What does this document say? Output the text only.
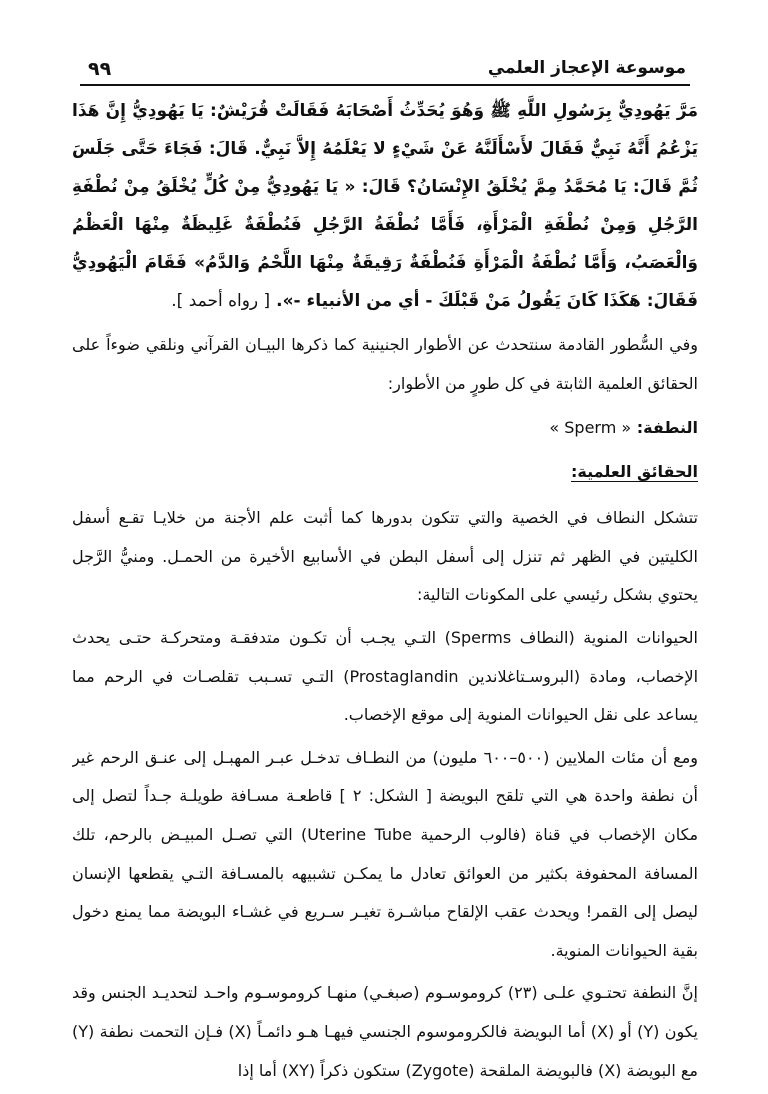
٩٩	موسوعة الإعجاز العلمي

مَرَّ يَهُودِيٌّ بِرَسُولِ اللَّهِ ﷺ وَهُوَ يُحَدِّثُ أَصْحَابَهُ فَقَالَتْ قُرَيْشٌ: يَا يَهُودِيُّ إِنَّ هَذَا يَزْعُمُ أَنَّهُ نَبِيٌّ فَقَالَ لأَسْأَلَنَّهُ عَنْ شَيْءٍ لا يَعْلَمُهُ إِلاَّ نَبِيٌّ. قَالَ: فَجَاءَ حَتَّى جَلَسَ ثُمَّ قَالَ: يَا مُحَمَّدُ مِمَّ يُخْلَقُ الإِنْسَانُ؟ قَالَ: « يَا يَهُودِيُّ مِنْ كُلٍّ يُخْلَقُ مِنْ نُطْفَةِ الرَّجُلِ وَمِنْ نُطْفَةِ الْمَرْأَةِ، فَأَمَّا نُطْفَةُ الرَّجُلِ فَنُطْفَةٌ غَلِيظَةٌ مِنْهَا الْعَظْمُ وَالْعَصَبُ، وَأَمَّا نُطْفَةُ الْمَرْأَةِ فَنُطْفَةٌ رَقِيقَةٌ مِنْهَا اللَّحْمُ وَالدَّمُ» فَقَامَ الْيَهُودِيُّ فَقَالَ: هَكَذَا كَانَ يَقُولُ مَنْ قَبْلَكَ - أي من الأنبياء -». [ رواه أحمد ].

وفي السُّطور القادمة سنتحدث عن الأطوار الجنينية كما ذكرها البيـان القرآني ونلقي ضوءاً على الحقائق العلمية الثابتة في كل طورٍ من الأطوار:

النطفة: « Sperm »

الحقائق العلمية:

تتشكل النطاف في الخصية والتي تتكون بدورها كما أثبت علم الأجنة من خلايـا تقـع أسفل الكليتين في الظهر ثم تنزل إلى أسفل البطن في الأسابيع الأخيرة من الحمـل. ومنيُّ الرَّجل يحتوي بشكل رئيسي على المكونات التالية:

الحيوانات المنوية (النطاف Sperms) التـي يجـب أن تكـون متدفقـة ومتحركـة حتـى يحدث الإخصاب، ومادة (البروسـتاغلاندين Prostaglandin) التـي تسـبب تقلصـات في الرحم مما يساعد على نقل الحيوانات المنوية إلى موقع الإخصاب.

ومع أن مئات الملايين (٥٠٠–٦٠٠ مليون) من النطـاف تدخـل عبـر المهبـل إلى عنـق الرحم غير أن نطفة واحدة هي التي تلقح البويضة [ الشكل: ٢ ] قاطعـة مسـافة طويلـة جـداً لتصل إلى مكان الإخصاب في قناة (فالوب الرحمية Uterine Tube) التي تصـل المبيـض بالرحم، تلك المسافة المحفوفة بكثير من العوائق تعادل ما يمكـن تشبيهه بالمسـافة التـي يقطعها الإنسان ليصل إلى القمر! ويحدث عقب الإلقاح مباشـرة تغيـر سـريع في غشـاء البويضة مما يمنع دخول بقية الحيوانات المنوية.

إنَّ النطفة تحتـوي علـى (٢٣) كروموسـوم (صبغـي) منهـا كروموسـوم واحـد لتحديـد الجنس وقد يكون (Y) أو (X) أما البويضة فالكروموسوم الجنسي فيهـا هـو دائمـاً (X) فـإن التحمت نطفة (Y) مع البويضة (X) فالبويضة الملقحة (Zygote) ستكون ذكراً (XY) أما إذا
